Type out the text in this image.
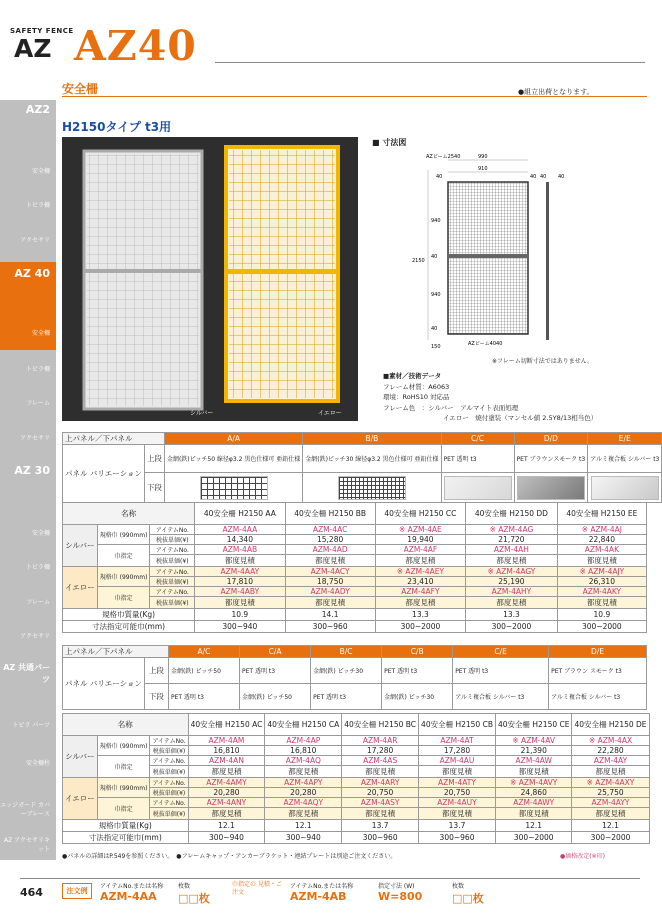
SAFETY FENCE
AZ AZ40
安全柵	●組立出荷となります。
H2150タイプ t3用
AZ2
安全柵
トビラ柵
アクセサリ
AZ 40
安全柵
トビラ柵
フレーム
アクセサリ
AZ 30
安全柵
トビラ柵
フレーム
アクセサリ
AZ 共通パーツ
トビラ パーツ
安全柵柱
エッジガード カバーブレース
AZ アクセサリキット
シルバー	イエロー
■ 寸法図
AZビーム2540	990
910
40	40 40 40
940
40
940
40
2150
150	AZビーム4040
※フレーム切断寸法ではありません。
■素材／技術データ
フレーム材質：A6063
環境：RoHS10 対応品
フレーム色　：シルバー　アルマイト表面処理
イエロー　焼付塗装（マンセル値 2.5Y8/13相当色）
上パネル／下パネル		A/A	B/B	C/C	D/D	E/E
パネル バリエーション	上段	金網(鉄)ピッチ50 線径φ3.2 黒色仕様可 亜鉛仕様	金網(鉄)ピッチ30 線径φ3.2 黒色仕様可 亜鉛仕様	PET 透明 t3	PET ブラウンスモーク t3	アルミ複合板 シルバー t3
	下段					
名称			40安全柵 H2150 AA	40安全柵 H2150 BB	40安全柵 H2150 CC	40安全柵 H2150 DD	40安全柵 H2150 EE
シルバー	規格巾 (990mm)	アイテムNo.	AZM-4AA	AZM-4AC	※ AZM-4AE	※ AZM-4AG	※ AZM-4AJ
		税抜単価(¥)	14,340	15,280	19,940	21,720	22,840
	巾指定	アイテムNo.	AZM-4AB	AZM-4AD	AZM-4AF	AZM-4AH	AZM-4AK
		税抜単価(¥)	都度見積	都度見積	都度見積	都度見積	都度見積
イエロー	規格巾 (990mm)	アイテムNo.	AZM-4AAY	AZM-4ACY	※ AZM-4AEY	※ AZM-4AGY	※ AZM-4AJY
		税抜単価(¥)	17,810	18,750	23,410	25,190	26,310
	巾指定	アイテムNo.	AZM-4ABY	AZM-4ADY	AZM-4AFY	AZM-4AHY	AZM-4AKY
		税抜単価(¥)	都度見積	都度見積	都度見積	都度見積	都度見積
規格巾質量(Kg)			10.9	14.1	13.3	13.3	10.9
寸法指定可能巾(mm)			300~940	300~960	300~2000	300~2000	300~2000
上パネル／下パネル		A/C	C/A	B/C	C/B	C/E	D/E
パネル バリエーション	上段	金網(鉄) ピッチ50	PET 透明 t3	金網(鉄) ピッチ30	PET 透明 t3	PET 透明 t3	PET ブラウン スモーク t3
	下段	PET 透明 t3	金網(鉄) ピッチ50	PET 透明 t3	金網(鉄) ピッチ30	アルミ複合板 シルバー t3	アルミ複合板 シルバー t3
名称			40安全柵 H2150 AC	40安全柵 H2150 CA	40安全柵 H2150 BC	40安全柵 H2150 CB	40安全柵 H2150 CE	40安全柵 H2150 DE
シルバー	規格巾 (990mm)	アイテムNo.	AZM-4AM	AZM-4AP	AZM-4AR	AZM-4AT	※ AZM-4AV	※ AZM-4AX
		税抜単価(¥)	16,810	16,810	17,280	17,280	21,390	22,280
	巾指定	アイテムNo.	AZM-4AN	AZM-4AQ	AZM-4AS	AZM-4AU	AZM-4AW	AZM-4AY
		税抜単価(¥)	都度見積	都度見積	都度見積	都度見積	都度見積	都度見積
イエロー	規格巾 (990mm)	アイテムNo.	AZM-4AMY	AZM-4APY	AZM-4ARY	AZM-4ATY	※ AZM-4AVY	※ AZM-4AXY
		税抜単価(¥)	20,280	20,280	20,750	20,750	24,860	25,750
	巾指定	アイテムNo.	AZM-4ANY	AZM-4AQY	AZM-4ASY	AZM-4AUY	AZM-4AWY	AZM-4AYY
		税抜単価(¥)	都度見積	都度見積	都度見積	都度見積	都度見積	都度見積
規格巾質量(Kg)			12.1	12.1	13.7	13.7	12.1	12.1
寸法指定可能巾(mm)			300~940	300~940	300~960	300~960	300~2000	300~2000
●パネルの詳細はP.549を参照ください。　●フレームキャップ・アンカーブラケット・連結プレートは別途ご注文ください。	●価格改定(※印)
464	注文例
アイテムNo.または名称
AZM-4AA
枚数
□□枚
巾指定の 見積・ご注文
アイテムNo.または名称
AZM-4AB
指定寸法 (W)
W=800
枚数
□□枚
